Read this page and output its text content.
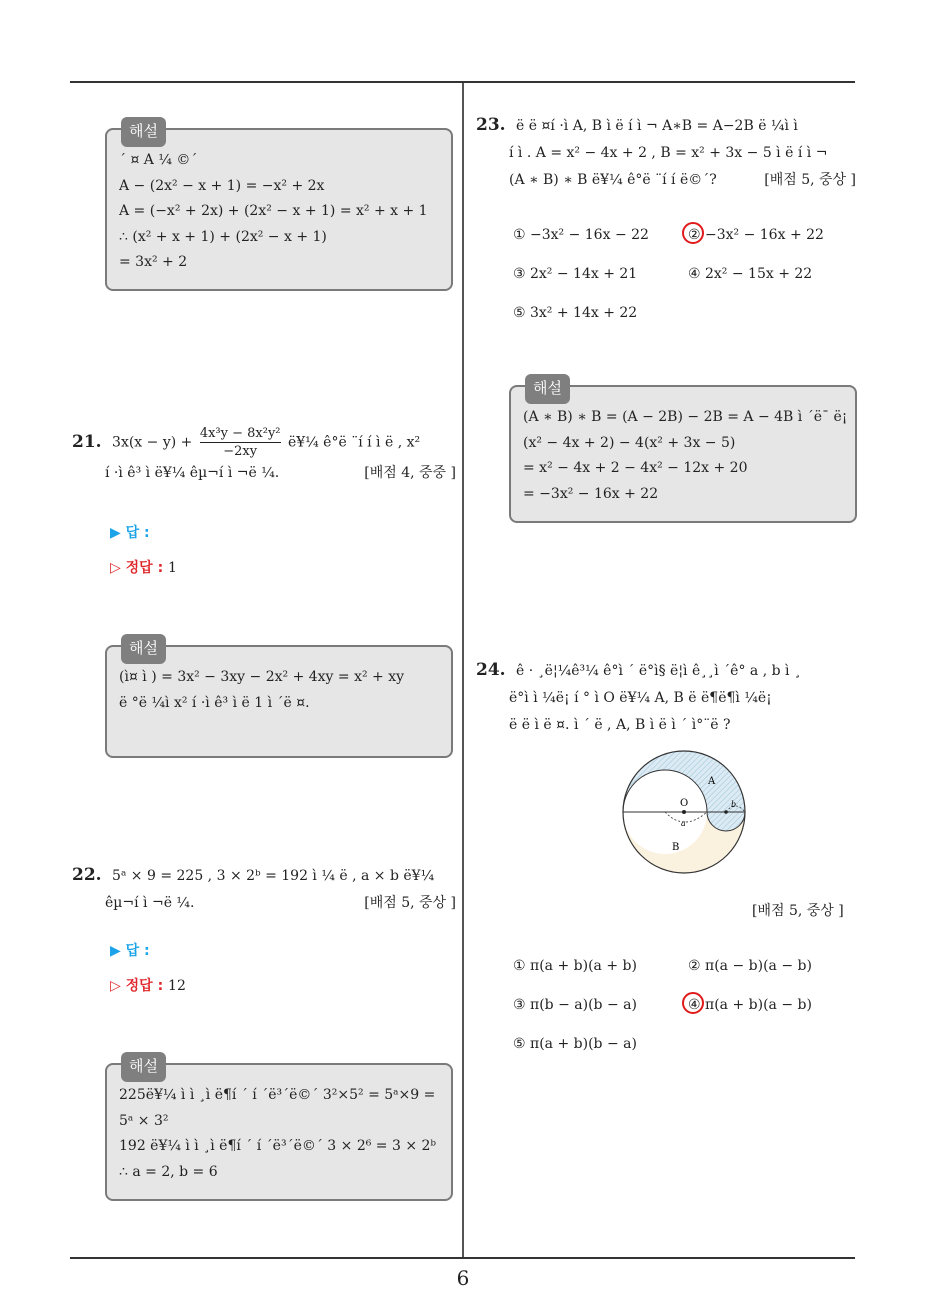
해설
´ ¤ A ¼ ©´
A − (2x² − x + 1) = −x² + 2x
A = (−x² + 2x) + (2x² − x + 1) = x² + x + 1
∴ (x² + x + 1) + (2x² − x + 1)
= 3x² + 2
21. $3x(x - y) + \frac{\text{4x³y − 8x²y²}}{-2xy}$ ë¥¼ ê°ë ¨í í ì ë , x²
í ·ì ê³ ì ë¥¼ êµ¬í ì ¬ë ¼.	[배점 4, 중중 ]
▶ 답 :
▷ 정답 : 1
해설
(ì¤ ì ) = 3x² − 3xy − 2x² + 4xy = x² + xy
ë °ë ¼ì x² í ·ì ê³ ì ë 1 ì ´ë ¤.
22. 5ᵃ × 9 = 225 , 3 × 2ᵇ = 192 ì ¼ ë , a × b ë¥¼
êµ¬í ì ¬ë ¼.	[배점 5, 중상 ]
▶ 답 :
▷ 정답 : 12
해설
225ë¥¼ ì ì ¸ì ë¶í ´ í ´ë³´ë©´ 3²×5² = 5ᵃ×9 =
5ᵃ × 3²
192 ë¥¼ ì ì ¸ì ë¶í ´ í ´ë³´ë©´ 3 × 2⁶ = 3 × 2ᵇ
∴ a = 2, b = 6
23. ë ë ¤í ·ì A, B ì ë í ì ¬ A∗B = A−2B ë ¼ì ì
í ì . A = x² − 4x + 2 , B = x² + 3x − 5 ì ë í ì ¬
(A ∗ B) ∗ B ë¥¼ ê°ë ¨í í ë©´?	[배점 5, 중상 ]
① −3x² − 16x − 22	② −3x² − 16x + 22
③ 2x² − 14x + 21	④ 2x² − 15x + 22
⑤ 3x² + 14x + 22
해설
(A ∗ B) ∗ B = (A − 2B) − 2B = A − 4B ì ´ë¯ ë¡
(x² − 4x + 2) − 4(x² + 3x − 5)
= x² − 4x + 2 − 4x² − 12x + 20
= −3x² − 16x + 22
24. ê · ¸ë¦¼ê³¼ ê°ì ´ ë°ì§ ë¦ì ê¸¸ì ´ê° a , b ì ¸
ë°ì ì ¼ë¡ í ° ì O ë¥¼ A, B ë ë¶ë¶ì ¼ë¡
ë ë ì ë ¤. ì ´ ë , A, B ì ë ì ´ ì°¨ë ?
O
A
B
a
b
[배점 5, 중상 ]
① π(a + b)(a + b)	② π(a − b)(a − b)
③ π(b − a)(b − a)	④ π(a + b)(a − b)
⑤ π(a + b)(b − a)
6
